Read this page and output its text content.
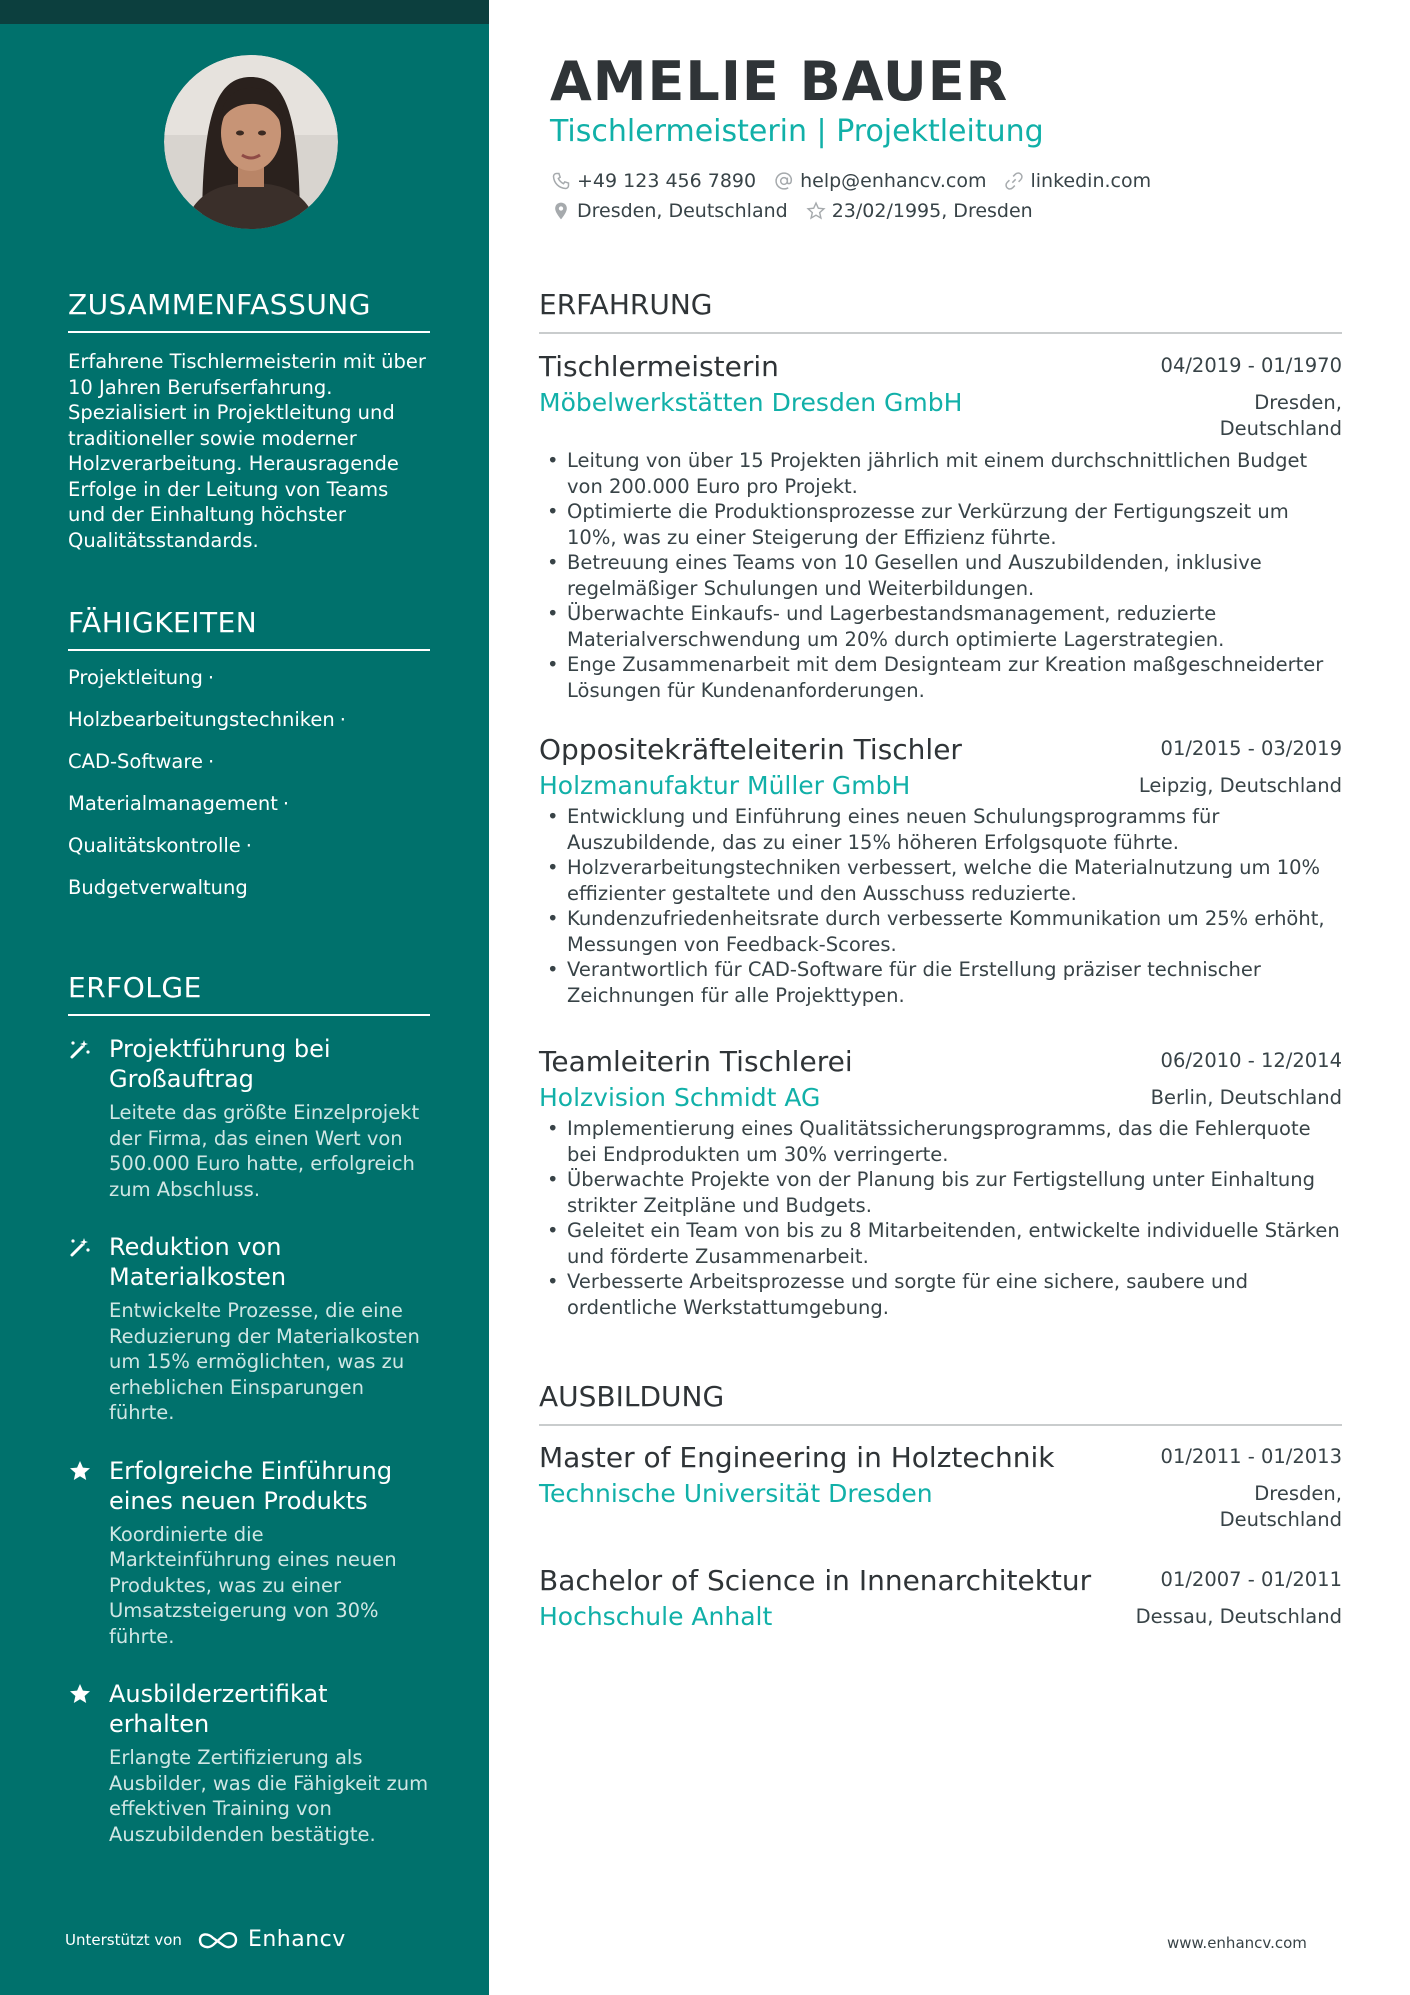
ZUSAMMENFASSUNG

Erfahrene Tischlermeisterin mit über 10 Jahren Berufserfahrung. Spezialisiert in Projektleitung und traditioneller sowie moderner Holzverarbeitung. Herausragende Erfolge in der Leitung von Teams und der Einhaltung höchster Qualitätsstandards.

FÄHIGKEITEN
Projektleitung ·
Holzbearbeitungstechniken ·
CAD-Software ·
Materialmanagement ·
Qualitätskontrolle ·
Budgetverwaltung
ERFOLGE
Projektführung bei Großauftrag
Leitete das größte Einzelprojekt der Firma, das einen Wert von 500.000 Euro hatte, erfolgreich zum Abschluss.
Reduktion von Materialkosten
Entwickelte Prozesse, die eine Reduzierung der Materialkosten um 15% ermöglichten, was zu erheblichen Einsparungen führte.
Erfolgreiche Einführung eines neuen Produkts
Koordinierte die Markteinführung eines neuen Produktes, was zu einer Umsatzsteigerung von 30% führte.
Ausbilderzertifikat erhalten
Erlangte Zertifizierung als Ausbilder, was die Fähigkeit zum effektiven Training von Auszubildenden bestätigte.
Unterstützt von	Enhancv
AMELIE BAUER
Tischlermeisterin | Projektleitung
+49 123 456 7890 help@enhancv.com linkedin.com
Dresden, Deutschland 23/02/1995, Dresden
ERFAHRUNG
Tischlermeisterin	04/2019 - 01/1970
Möbelwerkstätten Dresden GmbH	Dresden, Deutschland
• Leitung von über 15 Projekten jährlich mit einem durchschnittlichen Budget von 200.000 Euro pro Projekt.
• Optimierte die Produktionsprozesse zur Verkürzung der Fertigungszeit um 10%, was zu einer Steigerung der Effizienz führte.
• Betreuung eines Teams von 10 Gesellen und Auszubildenden, inklusive regelmäßiger Schulungen und Weiterbildungen.
• Überwachte Einkaufs- und Lagerbestandsmanagement, reduzierte Materialverschwendung um 20% durch optimierte Lagerstrategien.
• Enge Zusammenarbeit mit dem Designteam zur Kreation maßgeschneiderter Lösungen für Kundenanforderungen.
Oppositekräfteleiterin Tischler	01/2015 - 03/2019
Holzmanufaktur Müller GmbH	Leipzig, Deutschland
• Entwicklung und Einführung eines neuen Schulungsprogramms für Auszubildende, das zu einer 15% höheren Erfolgsquote führte.
• Holzverarbeitungstechniken verbessert, welche die Materialnutzung um 10% effizienter gestaltete und den Ausschuss reduzierte.
• Kundenzufriedenheitsrate durch verbesserte Kommunikation um 25% erhöht, Messungen von Feedback-Scores.
• Verantwortlich für CAD-Software für die Erstellung präziser technischer Zeichnungen für alle Projekttypen.
Teamleiterin Tischlerei	06/2010 - 12/2014
Holzvision Schmidt AG	Berlin, Deutschland
• Implementierung eines Qualitätssicherungsprogramms, das die Fehlerquote bei Endprodukten um 30% verringerte.
• Überwachte Projekte von der Planung bis zur Fertigstellung unter Einhaltung strikter Zeitpläne und Budgets.
• Geleitet ein Team von bis zu 8 Mitarbeitenden, entwickelte individuelle Stärken und förderte Zusammenarbeit.
• Verbesserte Arbeitsprozesse und sorgte für eine sichere, saubere und ordentliche Werkstattumgebung.
AUSBILDUNG
Master of Engineering in Holztechnik	01/2011 - 01/2013
Technische Universität Dresden	Dresden, Deutschland
Bachelor of Science in Innenarchitektur	01/2007 - 01/2011
Hochschule Anhalt	Dessau, Deutschland
www.enhancv.com
